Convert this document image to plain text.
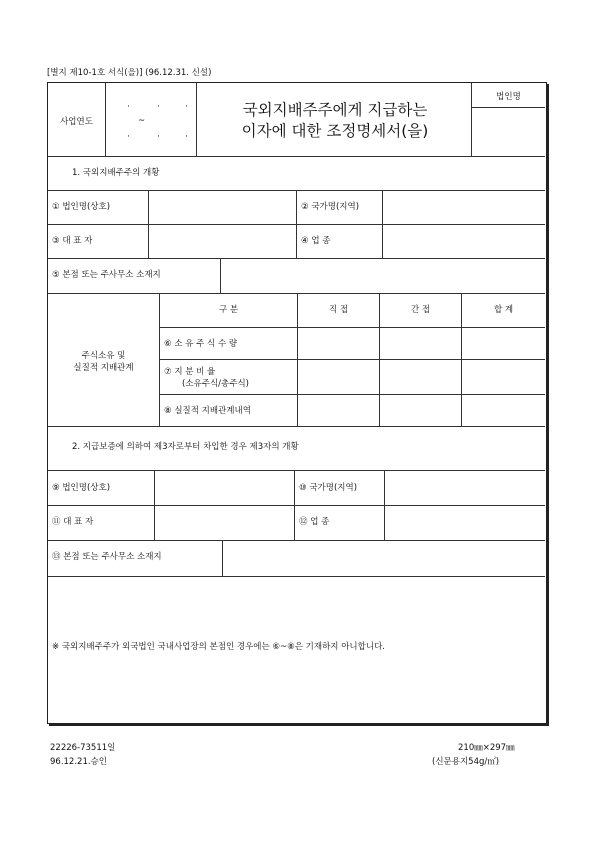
[별지 제10-1호 서식(을)] (96.12.31. 신설)
사업연도
·	·	·
~
·	·	·
국외지배주주에게 지급하는
이자에 대한 조정명세서(을)
법인명
1. 국외지배주주의 개황
① 법인명(상호)	② 국가명(지역)
③ 대 표 자	④ 업 종
⑤ 본점 또는 주사무소 소재지
주식소유 및
실질적 지배관계
구 분	직 접	간 접	합 계
⑥ 소 유 주 식 수 량
⑦ 지 분 비 율
(소유주식/총주식)
⑧ 실질적 지배관계내역
2. 지급보증에 의하여 제3자로부터 차입한 경우 제3자의 개황
⑨ 법인명(상호)	⑩ 국가명(지역)
⑪ 대 표 자	⑫ 업 종
⑬ 본점 또는 주사무소 소재지
※ 국외지배주주가 외국법인 국내사업장의 본점인 경우에는 ⑥~⑧은 기재하지 아니합니다.
22226-73511일
96.12.21.승인
210㎜×297㎜
(신문용지54g/㎡)
